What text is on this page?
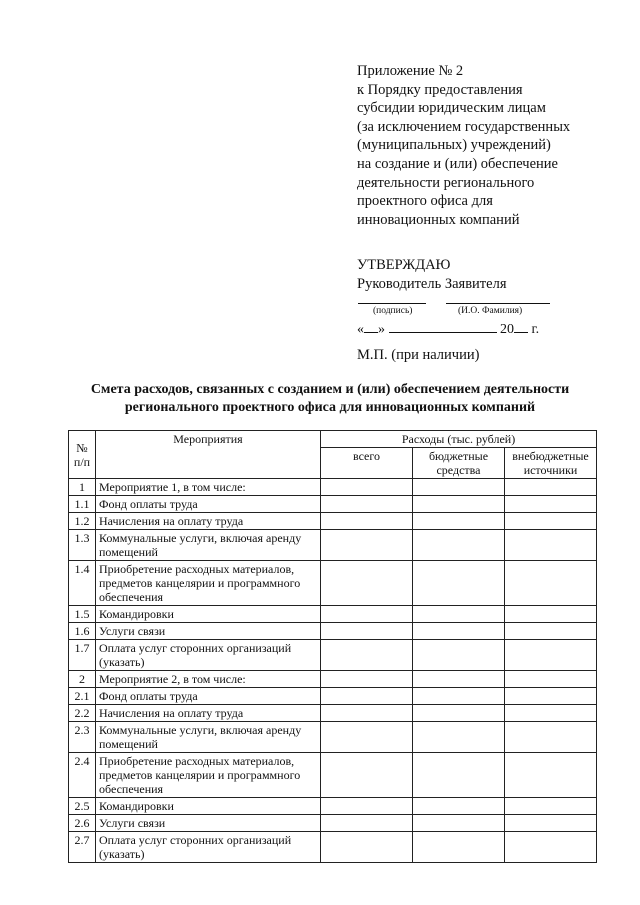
Приложение № 2
к Порядку предоставления
субсидии юридическим лицам
(за исключением государственных
(муниципальных) учреждений)
на создание и (или) обеспечение
деятельности регионального
проектного офиса для
инновационных компаний
УТВЕРЖДАЮ
Руководитель Заявителя
(подпись)	(И.О. Фамилия)
« »	20 г.
М.П. (при наличии)
Смета расходов, связанных с созданием и (или) обеспечением деятельности
регионального проектного офиса для инновационных компаний
№ п/п	Мероприятия	Расходы (тыс. рублей)		
		всего	бюджетные средства	внебюджетные источники
1	Мероприятие 1, в том числе:			
1.1	Фонд оплаты труда			
1.2	Начисления на оплату труда			
1.3	Коммунальные услуги, включая аренду помещений			
1.4	Приобретение расходных материалов, предметов канцелярии и программного обеспечения			
1.5	Командировки			
1.6	Услуги связи			
1.7	Оплата услуг сторонних организаций (указать)			
2	Мероприятие 2, в том числе:			
2.1	Фонд оплаты труда			
2.2	Начисления на оплату труда			
2.3	Коммунальные услуги, включая аренду помещений			
2.4	Приобретение расходных материалов, предметов канцелярии и программного обеспечения			
2.5	Командировки			
2.6	Услуги связи			
2.7	Оплата услуг сторонних организаций (указать)			
